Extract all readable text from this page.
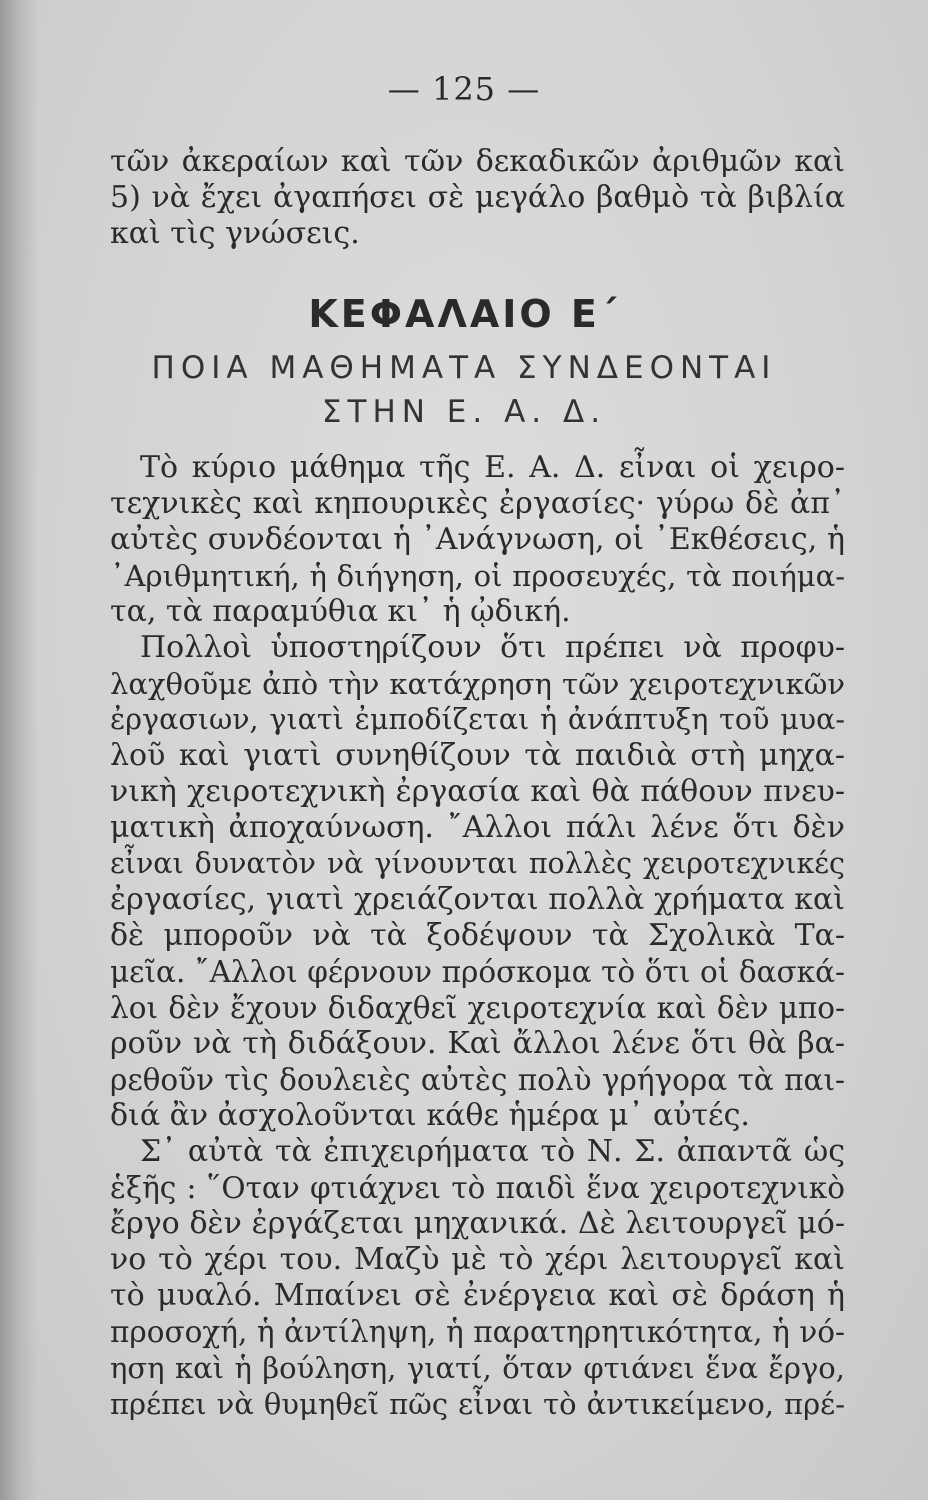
— 125 —
τῶν ἀκεραίων καὶ τῶν δεκαδικῶν ἀριθμῶν καὶ
5) νὰ ἔχει ἀγαπήσει σὲ μεγάλο βαθμὸ τὰ βιβλία
καὶ τὶς γνώσεις.
ΚΕΦΑΛΑΙΟ Ε΄
ΠΟΙΑ ΜΑΘΗΜΑΤΑ ΣΥΝΔΕΟΝΤΑΙ
ΣΤΗΝ Ε. Α. Δ.
Τὸ κύριο μάθημα τῆς Ε. Α. Δ. εἶναι οἱ χειρο-
τεχνικὲς καὶ κηπουρικὲς ἐργασίες· γύρω δὲ ἀπ᾿
αὐτὲς συνδέονται ἡ ᾿Ανάγνωση, οἱ ᾿Εκθέσεις, ἡ
᾿Αριθμητική, ἡ διήγηση, οἱ προσευχές, τὰ ποιήμα-
τα, τὰ παραμύθια κι᾿ ἡ ᾠδική.
Πολλοὶ ὑποστηρίζουν ὅτι πρέπει νὰ προφυ-
λαχθοῦμε ἀπὸ τὴν κατάχρηση τῶν χειροτεχνικῶν
ἐργασιων, γιατὶ ἐμποδίζεται ἡ ἀνάπτυξη τοῦ μυα-
λοῦ καὶ γιατὶ συνηθίζουν τὰ παιδιὰ στὴ μηχα-
νικὴ χειροτεχνικὴ ἐργασία καὶ θὰ πάθουν πνευ-
ματικὴ ἀποχαύνωση. ῎Αλλοι πάλι λένε ὅτι δὲν
εἶναι δυνατὸν νὰ γίνουνται πολλὲς χειροτεχνικές
ἐργασίες, γιατὶ χρειάζονται πολλὰ χρήματα καὶ
δὲ μποροῦν νὰ τὰ ξοδέψουν τὰ Σχολικὰ Τα-
μεῖα. ῎Αλλοι φέρνουν πρόσκομα τὸ ὅτι οἱ δασκά-
λοι δὲν ἔχουν διδαχθεῖ χειροτεχνία καὶ δὲν μπο-
ροῦν νὰ τὴ διδάξουν. Καὶ ἄλλοι λένε ὅτι θὰ βα-
ρεθοῦν τὶς δουλειὲς αὐτὲς πολὺ γρήγορα τὰ παι-
διά ἂν ἀσχολοῦνται κάθε ἡμέρα μ᾿ αὐτές.
Σ᾿ αὐτὰ τὰ ἐπιχειρήματα τὸ Ν. Σ. ἀπαντᾶ ὡς
ἑξῆς : ῞Οταν φτιάχνει τὸ παιδὶ ἕνα χειροτεχνικὸ
ἔργο δὲν ἐργάζεται μηχανικά. Δὲ λειτουργεῖ μό-
νο τὸ χέρι του. Μαζὺ μὲ τὸ χέρι λειτουργεῖ καὶ
τὸ μυαλό. Μπαίνει σὲ ἐνέργεια καὶ σὲ δράση ἡ
προσοχή, ἡ ἀντίληψη, ἡ παρατηρητικότητα, ἡ νό-
ηση καὶ ἡ βούληση, γιατί, ὅταν φτιάνει ἕνα ἔργο,
πρέπει νὰ θυμηθεῖ πῶς εἶναι τὸ ἀντικείμενο, πρέ-
